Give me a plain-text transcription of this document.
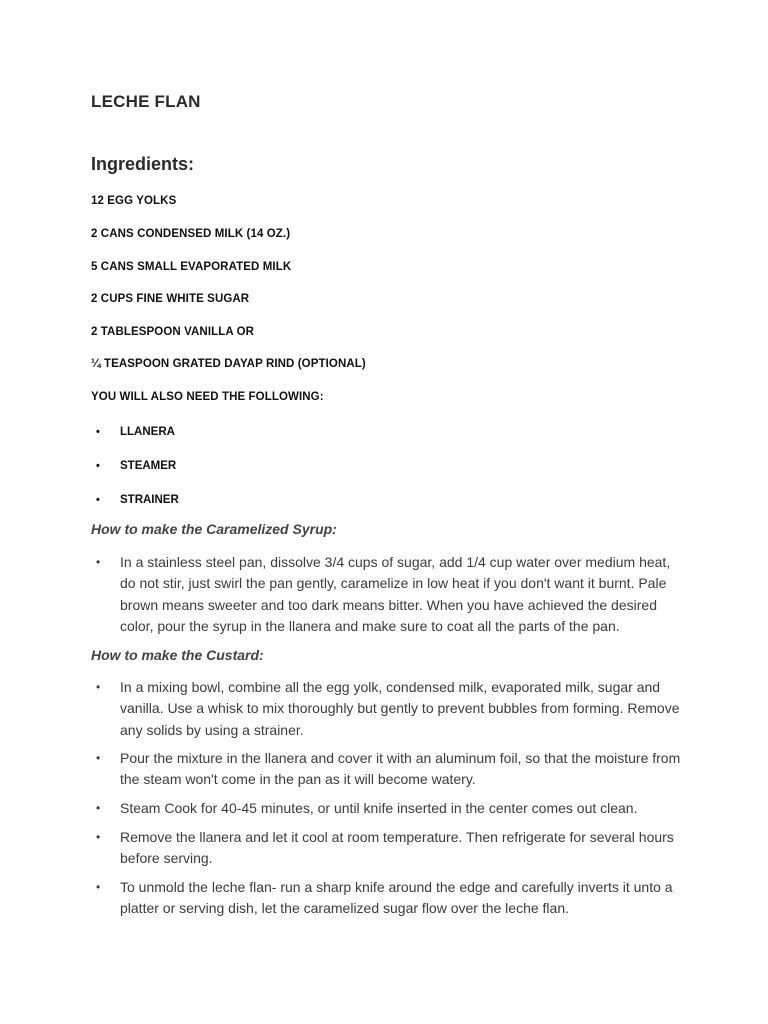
LECHE FLAN
Ingredients:
12 EGG YOLKS
2 CANS CONDENSED MILK (14 OZ.)
5 CANS SMALL EVAPORATED MILK
2 CUPS FINE WHITE SUGAR
2 TABLESPOON VANILLA OR
¼ TEASPOON GRATED DAYAP RIND (OPTIONAL)
YOU WILL ALSO NEED THE FOLLOWING:
• LLANERA
• STEAMER
• STRAINER
How to make the Caramelized Syrup:
• In a stainless steel pan, dissolve 3/4 cups of sugar, add 1/4 cup water over medium heat, do not stir, just swirl the pan gently, caramelize in low heat if you don't want it burnt. Pale brown means sweeter and too dark means bitter. When you have achieved the desired color, pour the syrup in the llanera and make sure to coat all the parts of the pan.
How to make the Custard:
• In a mixing bowl, combine all the egg yolk, condensed milk, evaporated milk, sugar and vanilla. Use a whisk to mix thoroughly but gently to prevent bubbles from forming. Remove any solids by using a strainer.
• Pour the mixture in the llanera and cover it with an aluminum foil, so that the moisture from the steam won't come in the pan as it will become watery.
• Steam Cook for 40-45 minutes, or until knife inserted in the center comes out clean.
• Remove the llanera and let it cool at room temperature. Then refrigerate for several hours before serving.
• To unmold the leche flan- run a sharp knife around the edge and carefully inverts it unto a platter or serving dish, let the caramelized sugar flow over the leche flan.
